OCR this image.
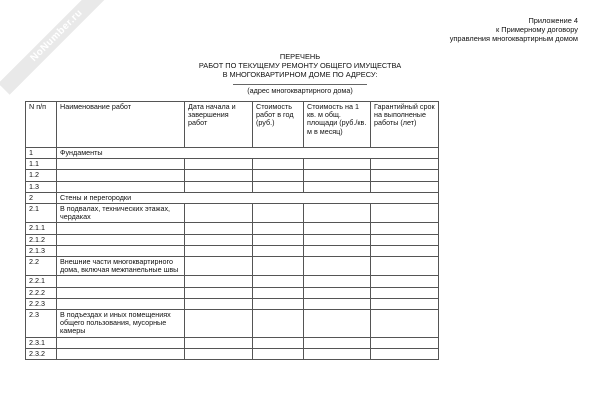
NoNumber.ru	Приложение 4
к Примерному договору
управления многоквартирным домом
ПЕРЕЧЕНЬ
РАБОТ ПО ТЕКУЩЕМУ РЕМОНТУ ОБЩЕГО ИМУЩЕСТВА
В МНОГОКВАРТИРНОМ ДОМЕ ПО АДРЕСУ:
(адрес многоквартирного дома)
N п/п	Наименование работ	Дата начала и завершения работ	Стоимость работ в год (руб.)	Стоимость на 1 кв. м общ. площади (руб./кв. м в месяц)	Гарантийный срок на выполненые работы (лет)
1	Фундаменты				
1.1					
1.2					
1.3					
2	Стены и перегородки				
2.1	В подвалах, технических этажах, чердаках				
2.1.1					
2.1.2					
2.1.3					
2.2	Внешние части многоквартирного дома, включая межпанельные швы				
2.2.1					
2.2.2					
2.2.3					
2.3	В подъездах и иных помещениях общего пользования, мусорные камеры				
2.3.1					
2.3.2					
